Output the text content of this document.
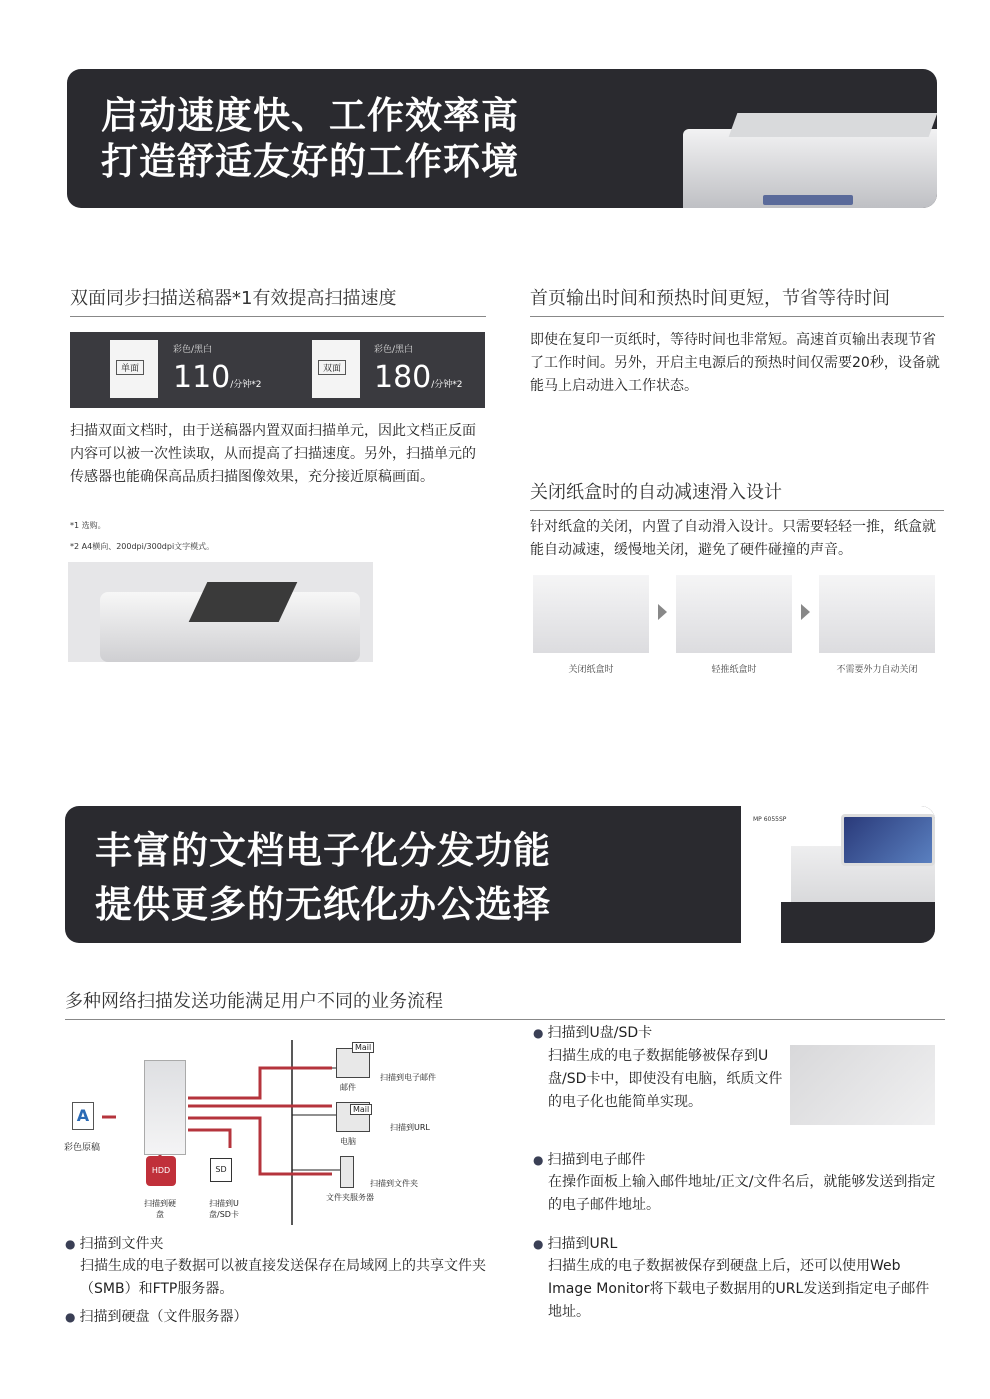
启动速度快、工作效率高
打造舒适友好的工作环境
双面同步扫描送稿器*1有效提高扫描速度
单面
彩色/黑白
110/分钟*2
双面
彩色/黑白
180/分钟*2
扫描双面文档时，由于送稿器内置双面扫描单元，因此文档正反面内容可以被一次性读取，从而提高了扫描速度。另外，扫描单元的传感器也能确保高品质扫描图像效果，充分接近原稿画面。
*1 选购。
*2 A4横向、200dpi/300dpi文字模式。
首页输出时间和预热时间更短，节省等待时间
即使在复印一页纸时，等待时间也非常短。高速首页输出表现节省了工作时间。另外，开启主电源后的预热时间仅需要20秒，设备就能马上启动进入工作状态。
关闭纸盒时的自动减速滑入设计
针对纸盒的关闭，内置了自动滑入设计。只需要轻轻一推，纸盒就能自动减速，缓慢地关闭，避免了硬件碰撞的声音。
关闭纸盒时	轻推纸盒时	不需要外力自动关闭
丰富的文档电子化分发功能
提供更多的无纸化办公选择
MP 6055SP
多种网络扫描发送功能满足用户不同的业务流程
A
彩色原稿
HDD	SD
扫描到硬盘
扫描到U盘/SD卡
Mail
邮件
扫描到电子邮件
Mail
电脑
扫描到URL
文件夹服务器
扫描到文件夹
● 扫描到文件夹
扫描生成的电子数据可以被直接发送保存在局域网上的共享文件夹（SMB）和FTP服务器。
● 扫描到硬盘（文件服务器）
● 扫描到U盘/SD卡
扫描生成的电子数据能够被保存到U盘/SD卡中，即使没有电脑，纸质文件的电子化也能简单实现。
● 扫描到电子邮件
在操作面板上输入邮件地址/正文/文件名后，就能够发送到指定的电子邮件地址。
● 扫描到URL
扫描生成的电子数据被保存到硬盘上后，还可以使用Web Image Monitor将下载电子数据用的URL发送到指定电子邮件地址。
